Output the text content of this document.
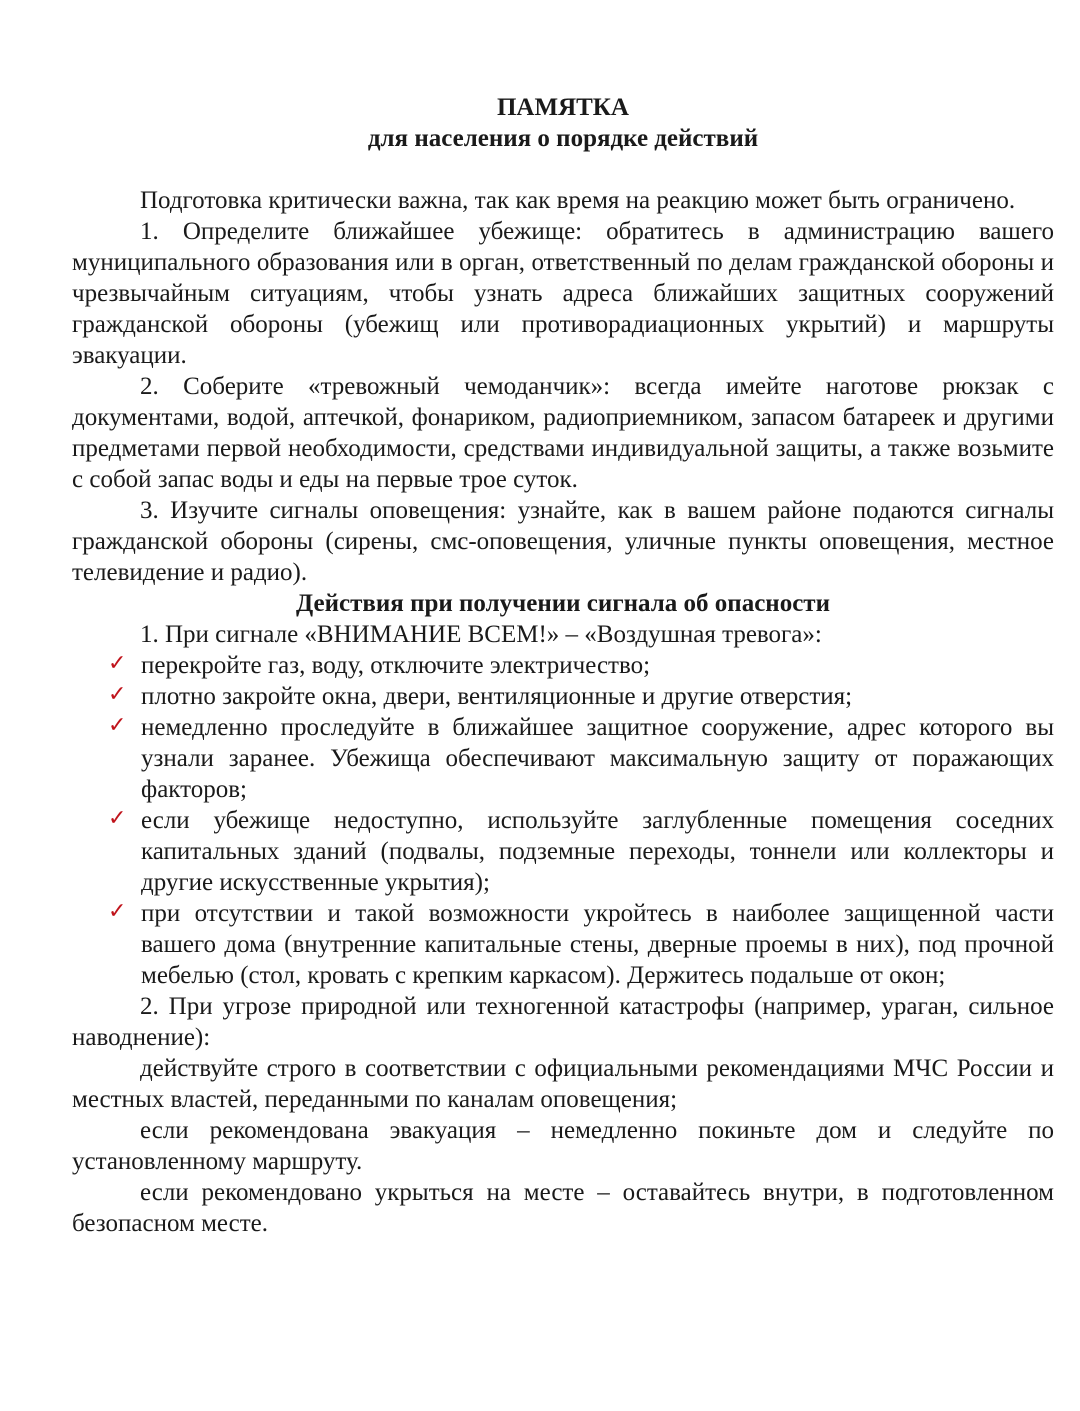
ПАМЯТКА
для населения о порядке действий

Подготовка критически важна, так как время на реакцию может быть ограничено.

1. Определите ближайшее убежище: обратитесь в администрацию вашего муниципального образования или в орган, ответственный по делам гражданской обороны и чрезвычайным ситуациям, чтобы узнать адреса ближайших защитных сооружений гражданской обороны (убежищ или противорадиационных укрытий) и маршруты эвакуации.

2. Соберите «тревожный чемоданчик»: всегда имейте наготове рюкзак с документами, водой, аптечкой, фонариком, радиоприемником, запасом батареек и другими предметами первой необходимости, средствами индивидуальной защиты, а также возьмите с собой запас воды и еды на первые трое суток.

3. Изучите сигналы оповещения: узнайте, как в вашем районе подаются сигналы гражданской обороны (сирены, смс-оповещения, уличные пункты оповещения, местное телевидение и радио).

Действия при получении сигнала об опасности

1. При сигнале «ВНИМАНИЕ ВСЕМ!» – «Воздушная тревога»:

✓ перекройте газ, воду, отключите электричество;
✓ плотно закройте окна, двери, вентиляционные и другие отверстия;
✓ немедленно проследуйте в ближайшее защитное сооружение, адрес которого вы узнали заранее. Убежища обеспечивают максимальную защиту от поражающих факторов;
✓ если убежище недоступно, используйте заглубленные помещения соседних капитальных зданий (подвалы, подземные переходы, тоннели или коллекторы и другие искусственные укрытия);
✓ при отсутствии и такой возможности укройтесь в наиболее защищенной части вашего дома (внутренние капитальные стены, дверные проемы в них), под прочной мебелью (стол, кровать с крепким каркасом). Держитесь подальше от окон;

2. При угрозе природной или техногенной катастрофы (например, ураган, сильное наводнение):

действуйте строго в соответствии с официальными рекомендациями МЧС России и местных властей, переданными по каналам оповещения;

если рекомендована эвакуация – немедленно покиньте дом и следуйте по установленному маршруту.

если рекомендовано укрыться на месте – оставайтесь внутри, в подготовленном безопасном месте.
